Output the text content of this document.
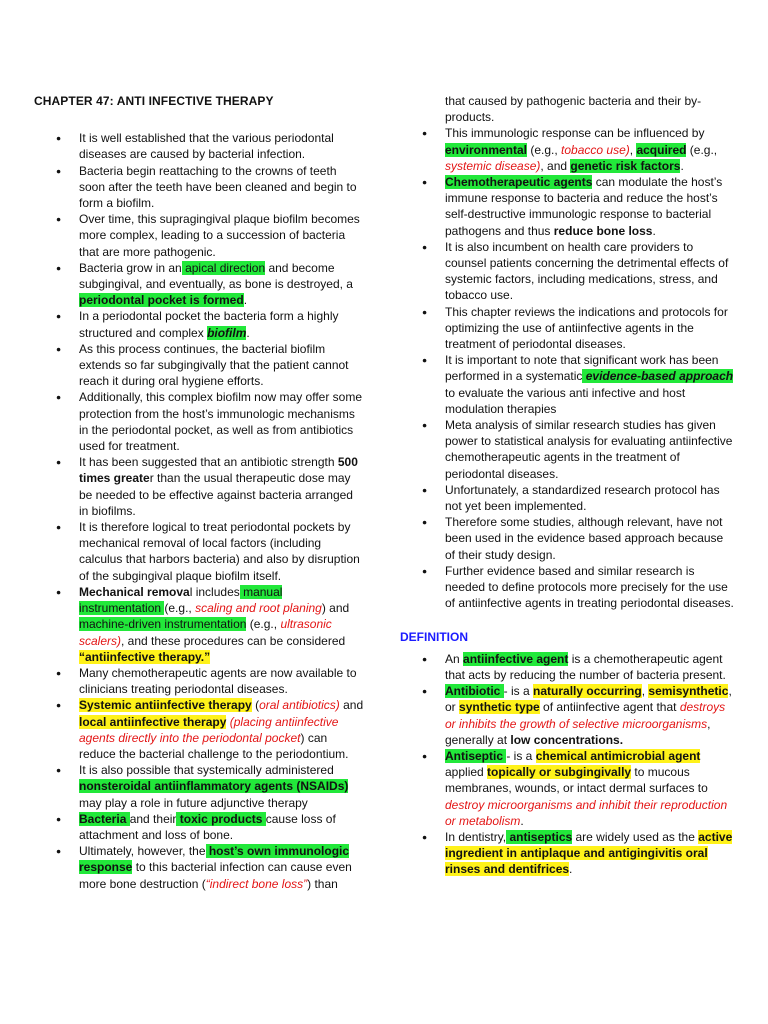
CHAPTER 47: ANTI INFECTIVE THERAPY
● It is well established that the various periodontal diseases are caused by bacterial infection.
● Bacteria begin reattaching to the crowns of teeth soon after the teeth have been cleaned and begin to form a biofilm.
● Over time, this supragingival plaque biofilm becomes more complex, leading to a succession of bacteria that are more pathogenic.
● Bacteria grow in an apical direction and become subgingival, and eventually, as bone is destroyed, a periodontal pocket is formed.
● In a periodontal pocket the bacteria form a highly structured and complex biofilm.
● As this process continues, the bacterial biofilm extends so far subgingivally that the patient cannot reach it during oral hygiene efforts.
● Additionally, this complex biofilm now may offer some protection from the host’s immunologic mechanisms in the periodontal pocket, as well as from antibiotics used for treatment.
● It has been suggested that an antibiotic strength 500 times greater than the usual therapeutic dose may be needed to be effective against bacteria arranged in biofilms.
● It is therefore logical to treat periodontal pockets by mechanical removal of local factors (including calculus that harbors bacteria) and also by disruption of the subgingival plaque biofilm itself.
● Mechanical removal includes manual instrumentation (e.g., scaling and root planing) and machine-driven instrumentation (e.g., ultrasonic scalers), and these procedures can be considered “antiinfective therapy.”
● Many chemotherapeutic agents are now available to clinicians treating periodontal diseases.
● Systemic antiinfective therapy (oral antibiotics) and local antiinfective therapy (placing antiinfective agents directly into the periodontal pocket) can reduce the bacterial challenge to the periodontium.
● It is also possible that systemically administered nonsteroidal antiinflammatory agents (NSAIDs) may play a role in future adjunctive therapy
● Bacteria and their toxic products cause loss of attachment and loss of bone.
● Ultimately, however, the host’s own immunologic response to this bacterial infection can cause even more bone destruction (“indirect bone loss”) than
that caused by pathogenic bacteria and their by-products.
● This immunologic response can be influenced by environmental (e.g., tobacco use), acquired (e.g., systemic disease), and genetic risk factors.
● Chemotherapeutic agents can modulate the host’s immune response to bacteria and reduce the host’s self-destructive immunologic response to bacterial pathogens and thus reduce bone loss.
● It is also incumbent on health care providers to counsel patients concerning the detrimental effects of systemic factors, including medications, stress, and tobacco use.
● This chapter reviews the indications and protocols for optimizing the use of antiinfective agents in the treatment of periodontal diseases.
● It is important to note that significant work has been performed in a systematic evidence-based approach to evaluate the various anti infective and host modulation therapies
● Meta analysis of similar research studies has given power to statistical analysis for evaluating antiinfective chemotherapeutic agents in the treatment of periodontal diseases.
● Unfortunately, a standardized research protocol has not yet been implemented.
● Therefore some studies, although relevant, have not been used in the evidence based approach because of their study design.
● Further evidence based and similar research is needed to define protocols more precisely for the use of antiinfective agents in treating periodontal diseases.
DEFINITION
● An antiinfective agent is a chemotherapeutic agent that acts by reducing the number of bacteria present.
● Antibiotic - is a naturally occurring, semisynthetic, or synthetic type of antiinfective agent that destroys or inhibits the growth of selective microorganisms, generally at low concentrations.
● Antiseptic - is a chemical antimicrobial agent applied topically or subgingivally to mucous membranes, wounds, or intact dermal surfaces to destroy microorganisms and inhibit their reproduction or metabolism.
● In dentistry, antiseptics are widely used as the active ingredient in antiplaque and antigingivitis oral rinses and dentifrices.
